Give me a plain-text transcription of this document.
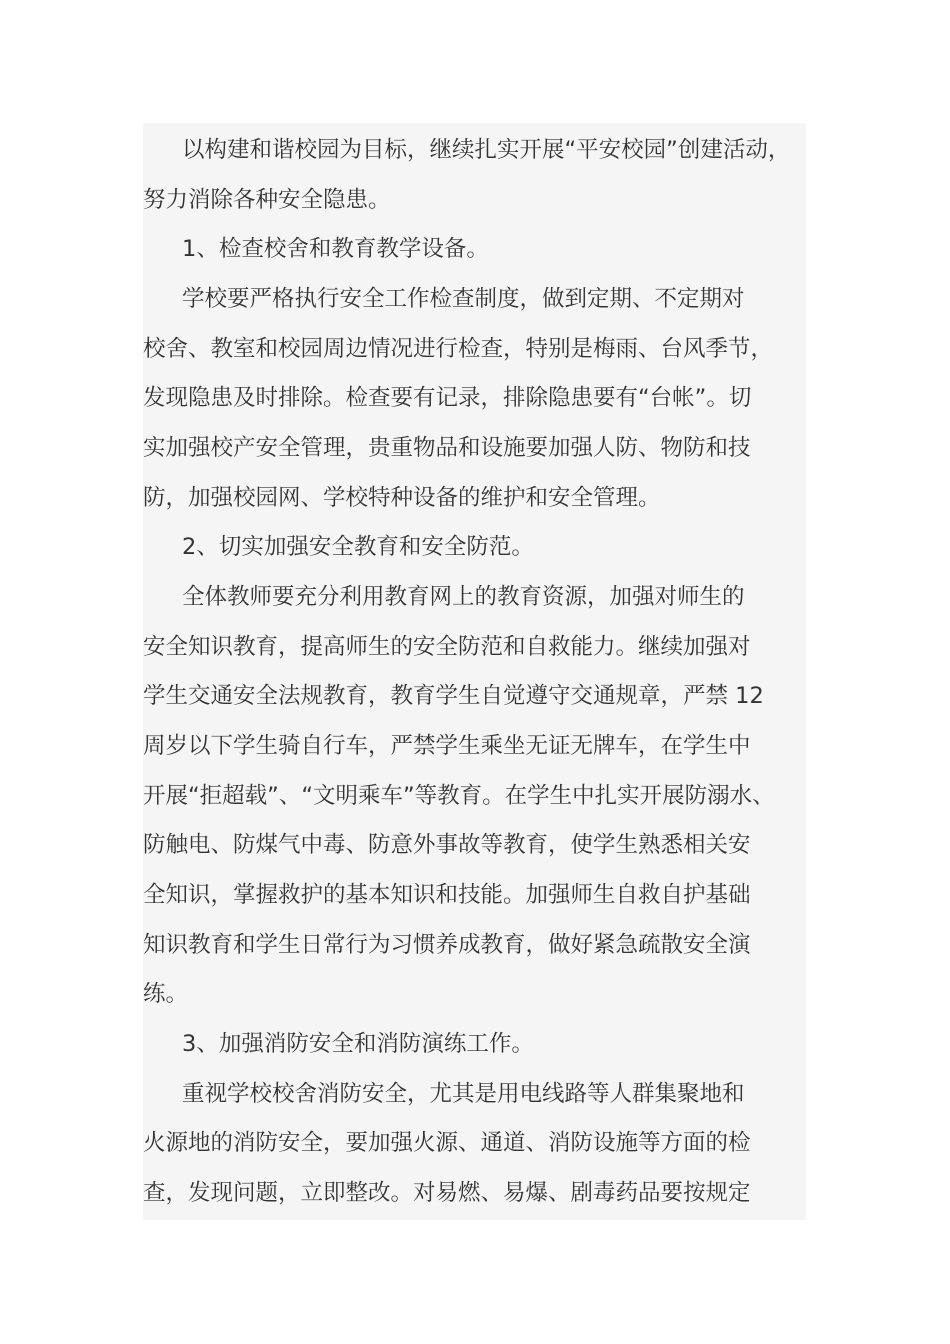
以构建和谐校园为目标，继续扎实开展“平安校园”创建活动，
努力消除各种安全隐患。
1、检查校舍和教育教学设备。
学校要严格执行安全工作检查制度，做到定期、不定期对
校舍、教室和校园周边情况进行检查，特别是梅雨、台风季节，
发现隐患及时排除。检查要有记录，排除隐患要有“台帐”。切
实加强校产安全管理，贵重物品和设施要加强人防、物防和技
防，加强校园网、学校特种设备的维护和安全管理。
2、切实加强安全教育和安全防范。
全体教师要充分利用教育网上的教育资源，加强对师生的
安全知识教育，提高师生的安全防范和自救能力。继续加强对
学生交通安全法规教育，教育学生自觉遵守交通规章，严禁 12
周岁以下学生骑自行车，严禁学生乘坐无证无牌车，在学生中
开展“拒超载”、“文明乘车”等教育。在学生中扎实开展防溺水、
防触电、防煤气中毒、防意外事故等教育，使学生熟悉相关安
全知识，掌握救护的基本知识和技能。加强师生自救自护基础
知识教育和学生日常行为习惯养成教育，做好紧急疏散安全演
练。
3、加强消防安全和消防演练工作。
重视学校校舍消防安全，尤其是用电线路等人群集聚地和
火源地的消防安全，要加强火源、通道、消防设施等方面的检
查，发现问题，立即整改。对易燃、易爆、剧毒药品要按规定
